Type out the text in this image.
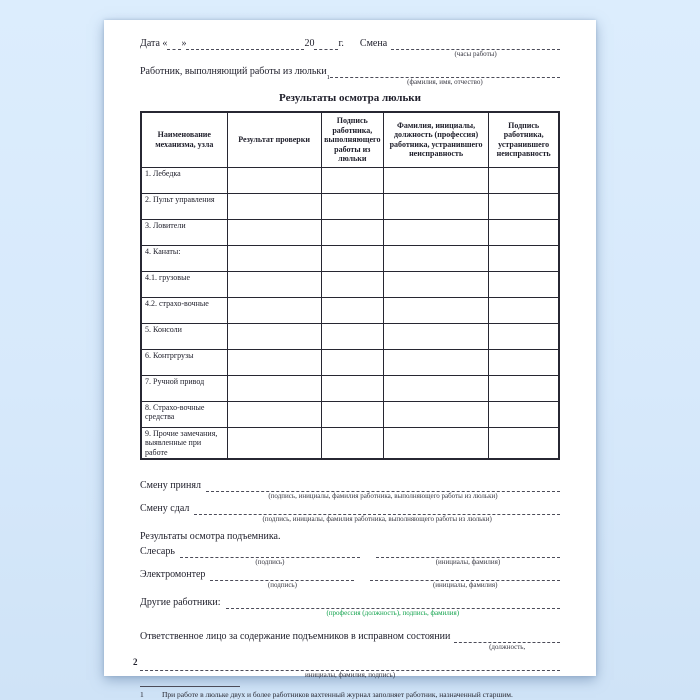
Дата « »	20 г. Смена
(часы работы)
Работник, выполняющий работы из люльки
1
(фамилия, имя, отчество)
Результаты осмотра люльки
Наименование механизма, узла	Результат проверки	Подпись работника, выполняющего работы из люльки	Фамилия, инициалы, должность (профессия) работника, устранившего неисправность	Подпись работника, устранившего неисправность
1. Лебедка				
2. Пульт управления				
3. Ловители				
4. Канаты:				
4.1. грузовые				
4.2. страхо-вочные				
5. Консоли				
6. Контргрузы				
7. Ручной привод				
8. Страхо-вочные средства				
9. Прочие замечания, выявленные при работе				
Смену принял
(подпись, инициалы, фамилия работника, выполняющего работы из люльки)
Смену сдал
(подпись, инициалы, фамилия работника, выполняющего работы из люльки)
Результаты осмотра подъемника.
Слесарь
(подпись)	(инициалы, фамилия)
Электромонтер
(подпись)	(инициалы, фамилия)
Другие работники:
(профессия (должность), подпись, фамилия)
Ответственное лицо за содержание подъемников в исправном состоянии
(должность,
инициалы, фамилия, подпись)
1	При работе в люльке двух и более работников вахтенный журнал заполняет работник, назначенный старшим.
2
